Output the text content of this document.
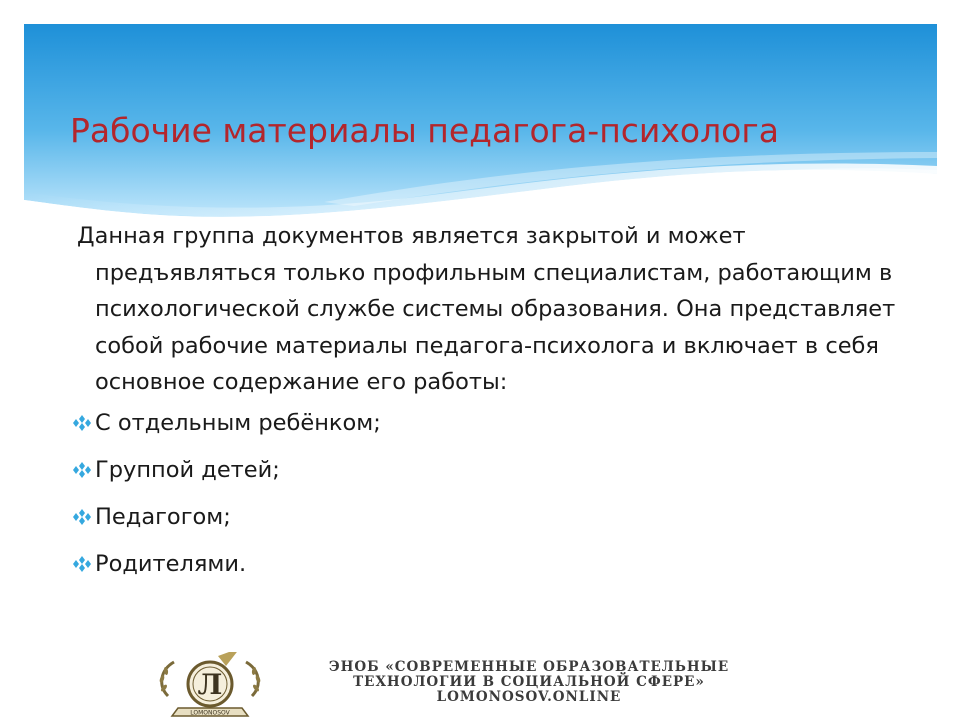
Рабочие материалы педагога-психолога

Данная группа документов является закрытой и может предъявляться только профильным специалистам, работающим в психологической службе системы образования. Она представляет собой рабочие материалы педагога-психолога и включает в себя основное содержание его работы:

С отдельным ребёнком;
Группой детей;
Педагогом;
Родителями.
Л
LOMONOSOV
ЭНОБ «СОВРЕМЕННЫЕ ОБРАЗОВАТЕЛЬНЫЕ
ТЕХНОЛОГИИ В СОЦИАЛЬНОЙ СФЕРЕ»
LOMONOSOV.ONLINE
